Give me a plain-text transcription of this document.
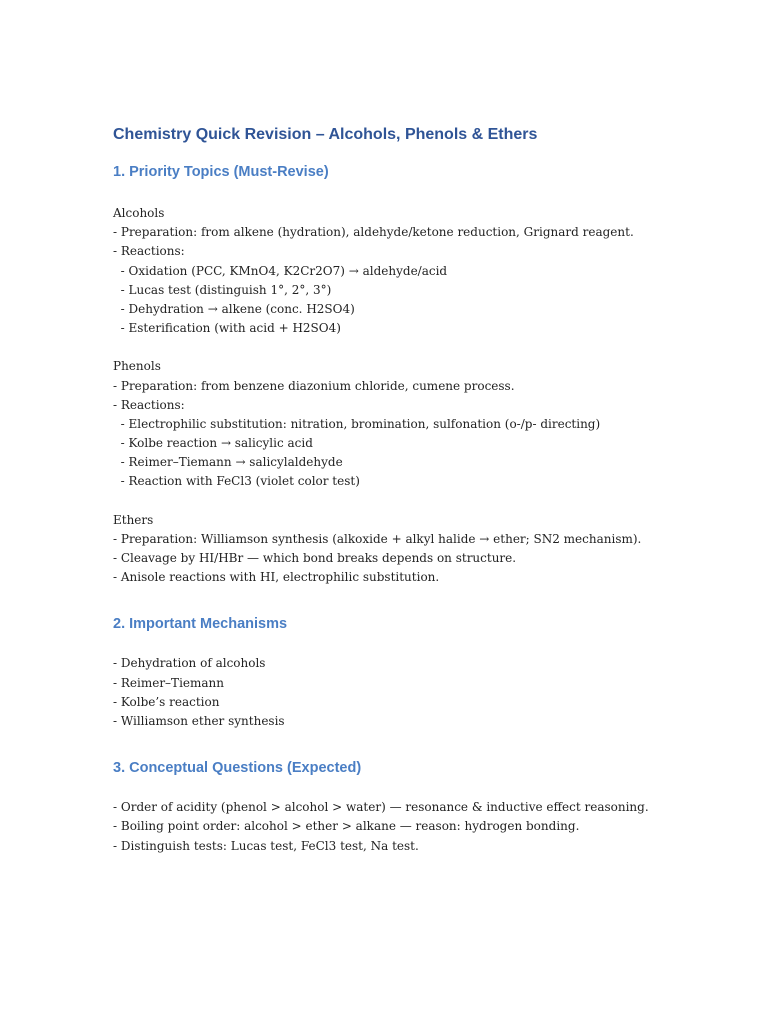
Chemistry Quick Revision – Alcohols, Phenols & Ethers
1. Priority Topics (Must-Revise)
Alcohols
- Preparation: from alkene (hydration), aldehyde/ketone reduction, Grignard reagent.
- Reactions:
- Oxidation (PCC, KMnO4, K2Cr2O7) → aldehyde/acid
- Lucas test (distinguish 1°, 2°, 3°)
- Dehydration → alkene (conc. H2SO4)
- Esterification (with acid + H2SO4)
Phenols
- Preparation: from benzene diazonium chloride, cumene process.
- Reactions:
- Electrophilic substitution: nitration, bromination, sulfonation (o-/p- directing)
- Kolbe reaction → salicylic acid
- Reimer–Tiemann → salicylaldehyde
- Reaction with FeCl3 (violet color test)
Ethers
- Preparation: Williamson synthesis (alkoxide + alkyl halide → ether; SN2 mechanism).
- Cleavage by HI/HBr — which bond breaks depends on structure.
- Anisole reactions with HI, electrophilic substitution.
2. Important Mechanisms
- Dehydration of alcohols
- Reimer–Tiemann
- Kolbe’s reaction
- Williamson ether synthesis
3. Conceptual Questions (Expected)
- Order of acidity (phenol > alcohol > water) — resonance & inductive effect reasoning.
- Boiling point order: alcohol > ether > alkane — reason: hydrogen bonding.
- Distinguish tests: Lucas test, FeCl3 test, Na test.
